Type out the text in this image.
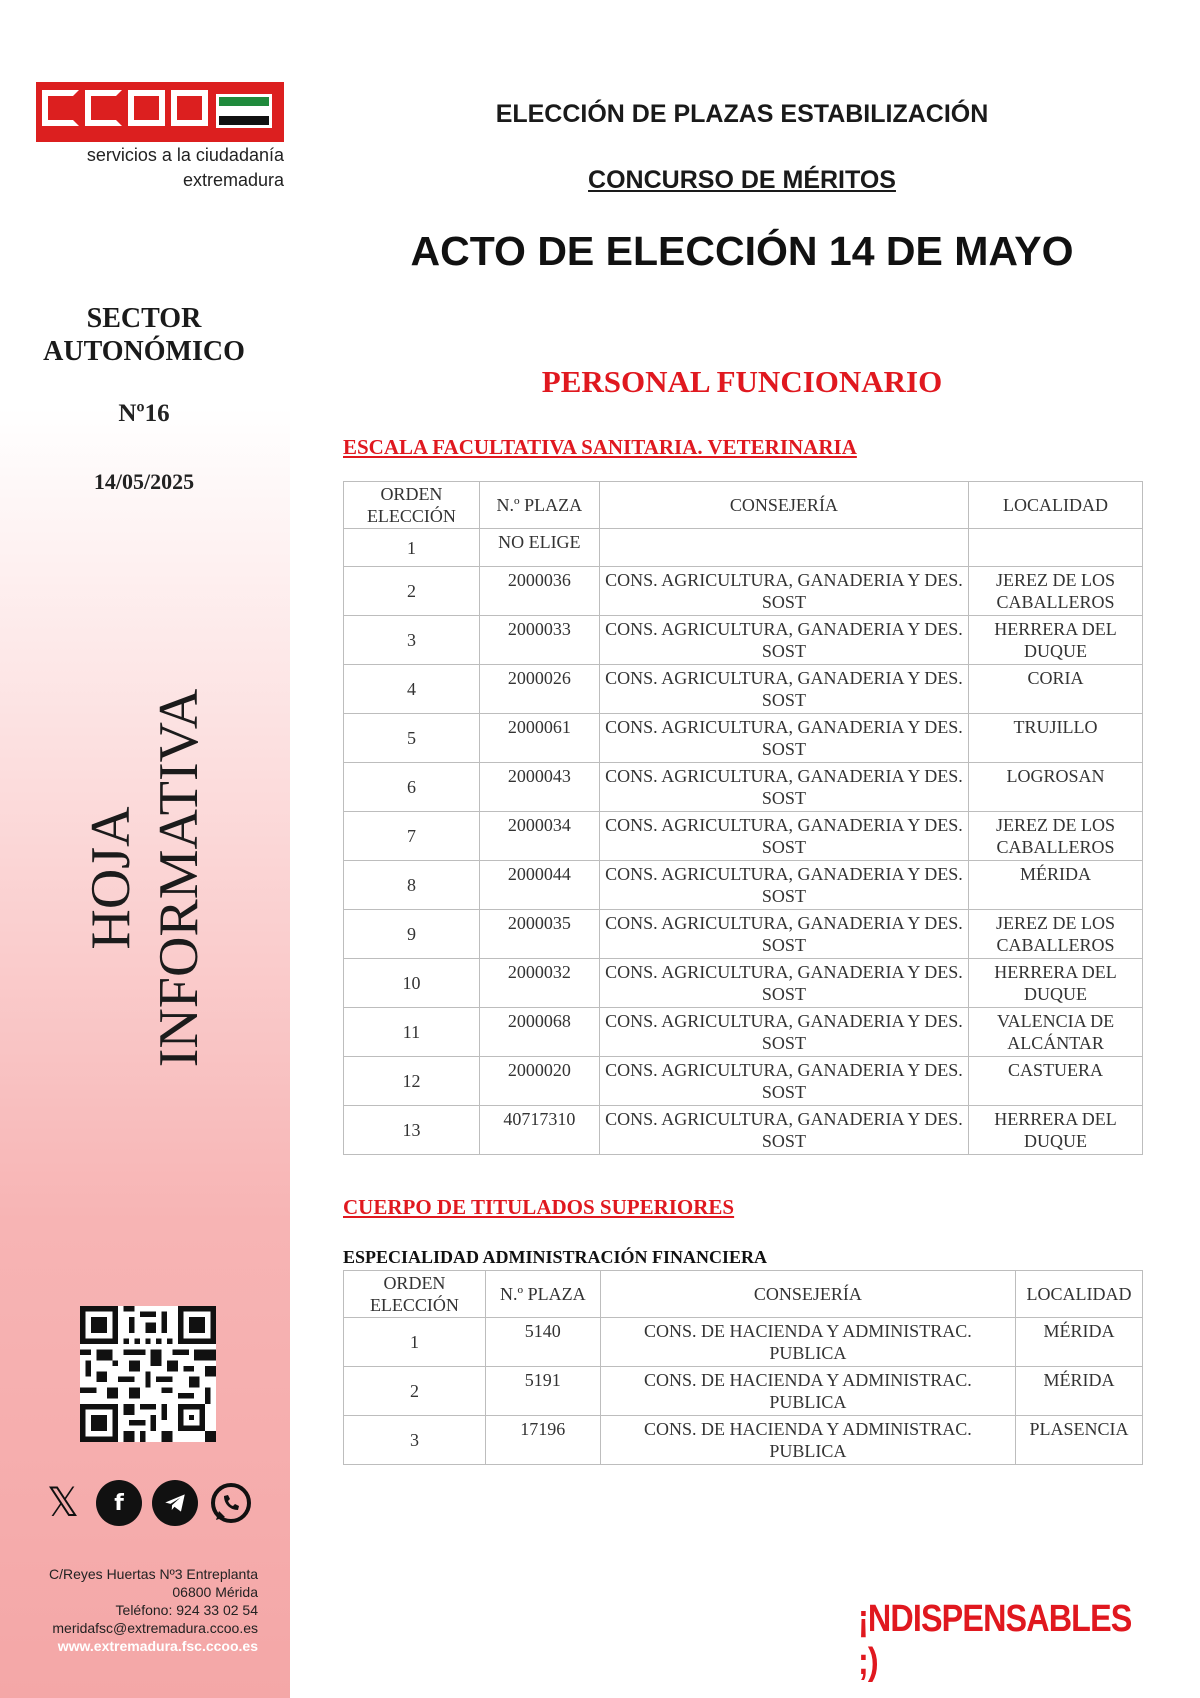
servicios a la ciudadanía
extremadura
SECTOR
AUTONÓMICO
Nº16
14/05/2025
HOJA INFORMATIVA
𝕏	f
C/Reyes Huertas Nº3 Entreplanta
06800 Mérida
Teléfono: 924 33 02 54
meridafsc@extremadura.ccoo.es
www.extremadura.fsc.ccoo.es
ELECCIÓN DE PLAZAS ESTABILIZACIÓN
CONCURSO DE MÉRITOS
ACTO DE ELECCIÓN 14 DE MAYO
PERSONAL FUNCIONARIO
ESCALA FACULTATIVA SANITARIA. VETERINARIA
ORDEN
ELECCIÓN	N.º PLAZA	CONSEJERÍA	LOCALIDAD
1	NO ELIGE		
2	2000036	CONS. AGRICULTURA, GANADERIA Y DES. SOST	JEREZ DE LOS CABALLEROS
3	2000033	CONS. AGRICULTURA, GANADERIA Y DES. SOST	HERRERA DEL DUQUE
4	2000026	CONS. AGRICULTURA, GANADERIA Y DES. SOST	CORIA
5	2000061	CONS. AGRICULTURA, GANADERIA Y DES. SOST	TRUJILLO
6	2000043	CONS. AGRICULTURA, GANADERIA Y DES. SOST	LOGROSAN
7	2000034	CONS. AGRICULTURA, GANADERIA Y DES. SOST	JEREZ DE LOS CABALLEROS
8	2000044	CONS. AGRICULTURA, GANADERIA Y DES. SOST	MÉRIDA
9	2000035	CONS. AGRICULTURA, GANADERIA Y DES. SOST	JEREZ DE LOS CABALLEROS
10	2000032	CONS. AGRICULTURA, GANADERIA Y DES. SOST	HERRERA DEL DUQUE
11	2000068	CONS. AGRICULTURA, GANADERIA Y DES. SOST	VALENCIA DE ALCÁNTAR
12	2000020	CONS. AGRICULTURA, GANADERIA Y DES. SOST	CASTUERA
13	40717310	CONS. AGRICULTURA, GANADERIA Y DES. SOST	HERRERA DEL DUQUE
CUERPO DE TITULADOS SUPERIORES
ESPECIALIDAD ADMINISTRACIÓN FINANCIERA
ORDEN
ELECCIÓN	N.º PLAZA	CONSEJERÍA	LOCALIDAD
1	5140	CONS. DE HACIENDA Y ADMINISTRAC. PUBLICA	MÉRIDA
2	5191	CONS. DE HACIENDA Y ADMINISTRAC. PUBLICA	MÉRIDA
3	17196	CONS. DE HACIENDA Y ADMINISTRAC. PUBLICA	PLASENCIA
¡NDISPENSABLES ;)
